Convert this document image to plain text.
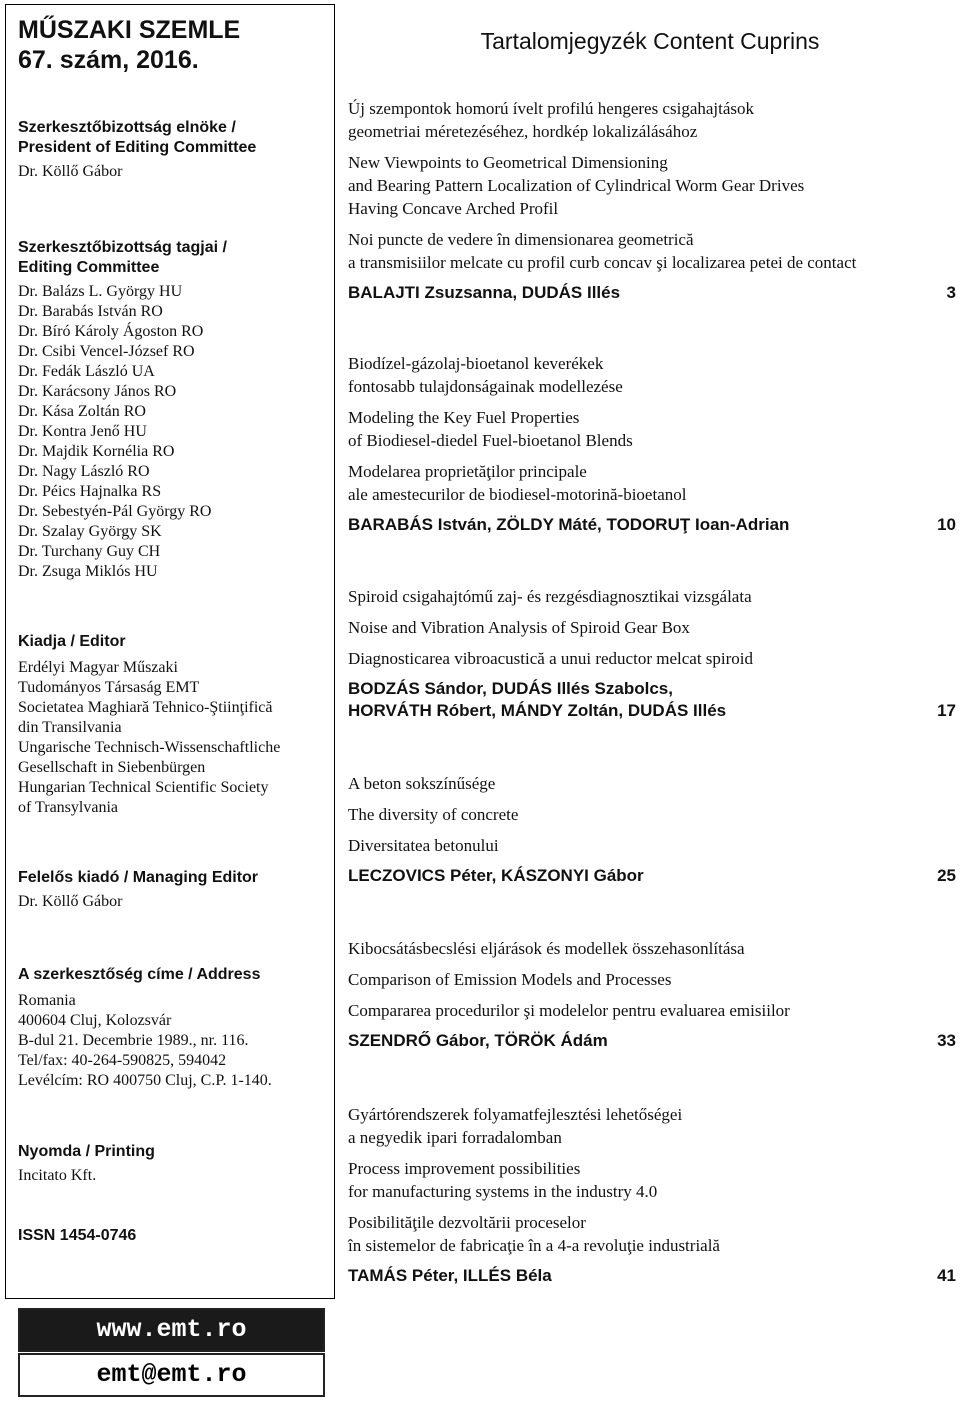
MŰSZAKI SZEMLE
67. szám, 2016.
Szerkesztőbizottság elnöke /
President of Editing Committee
Dr. Köllő Gábor
Szerkesztőbizottság tagjai /
Editing Committee
Dr. Balázs L. György HU
Dr. Barabás István RO
Dr. Bíró Károly Ágoston RO
Dr. Csibi Vencel-József RO
Dr. Fedák László UA
Dr. Karácsony János RO
Dr. Kása Zoltán RO
Dr. Kontra Jenő HU
Dr. Majdik Kornélia RO
Dr. Nagy László RO
Dr. Péics Hajnalka RS
Dr. Sebestyén-Pál György RO
Dr. Szalay György SK
Dr. Turchany Guy CH
Dr. Zsuga Miklós HU
Kiadja / Editor
Erdélyi Magyar Műszaki
Tudományos Társaság EMT
Societatea Maghiară Tehnico-Ştiinţifică
din Transilvania
Ungarische Technisch-Wissenschaftliche
Gesellschaft in Siebenbürgen
Hungarian Technical Scientific Society
of Transylvania
Felelős kiadó / Managing Editor
Dr. Köllő Gábor
A szerkesztőség címe / Address
Romania
400604 Cluj, Kolozsvár
B-dul 21. Decembrie 1989., nr. 116.
Tel/fax: 40-264-590825, 594042
Levélcím: RO 400750 Cluj, C.P. 1-140.
Nyomda / Printing
Incitato Kft.
ISSN 1454-0746
www.emt.ro
emt@emt.ro
Tartalomjegyzék Content Cuprins
Új szempontok homorú ívelt profilú hengeres csigahajtások
geometriai méretezéséhez, hordkép lokalizálásához
New Viewpoints to Geometrical Dimensioning
and Bearing Pattern Localization of Cylindrical Worm Gear Drives
Having Concave Arched Profil
Noi puncte de vedere în dimensionarea geometrică
a transmisiilor melcate cu profil curb concav şi localizarea petei de contact
BALAJTI Zsuzsanna, DUDÁS Illés	3
Biodízel-gázolaj-bioetanol keverékek
fontosabb tulajdonságainak modellezése
Modeling the Key Fuel Properties
of Biodiesel-diedel Fuel-bioetanol Blends
Modelarea proprietăţilor principale
ale amestecurilor de biodiesel-motorină-bioetanol
BARABÁS István, ZÖLDY Máté, TODORUŢ Ioan-Adrian	10
Spiroid csigahajtómű zaj- és rezgésdiagnosztikai vizsgálata
Noise and Vibration Analysis of Spiroid Gear Box
Diagnosticarea vibroacustică a unui reductor melcat spiroid
BODZÁS Sándor, DUDÁS Illés Szabolcs,
HORVÁTH Róbert, MÁNDY Zoltán, DUDÁS Illés	17
A beton sokszínűsége
The diversity of concrete
Diversitatea betonului
LECZOVICS Péter, KÁSZONYI Gábor	25
Kibocsátásbecslési eljárások és modellek összehasonlítása
Comparison of Emission Models and Processes
Compararea procedurilor şi modelelor pentru evaluarea emisiilor
SZENDRŐ Gábor, TÖRÖK Ádám	33
Gyártórendszerek folyamatfejlesztési lehetőségei
a negyedik ipari forradalomban
Process improvement possibilities
for manufacturing systems in the industry 4.0
Posibilităţile dezvoltării proceselor
în sistemelor de fabricaţie în a 4-a revoluţie industrială
TAMÁS Péter, ILLÉS Béla	41
